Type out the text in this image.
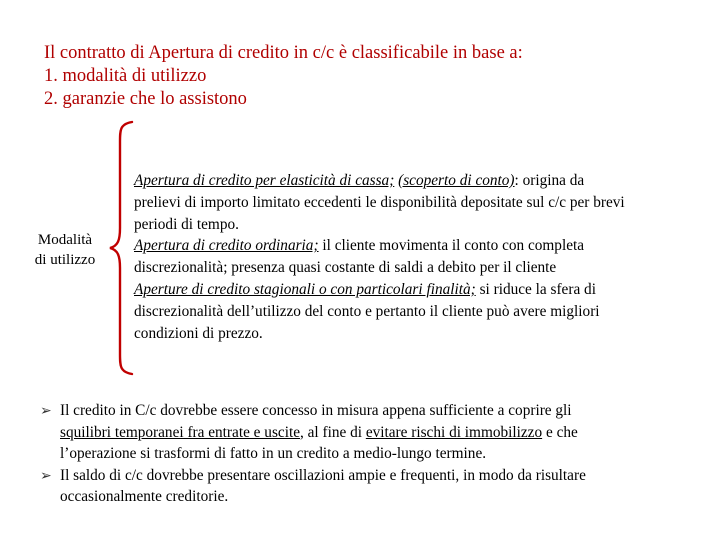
Il contratto di Apertura di credito in c/c è classificabile in base a:
1. modalità di utilizzo
2. garanzie che lo assistono
Modalità
di utilizzo
Apertura di credito per elasticità di cassa; (scoperto di conto): origina da
prelievi di importo limitato eccedenti le disponibilità depositate sul c/c per brevi
periodi di tempo.
Apertura di credito ordinaria; il cliente movimenta il conto con completa
discrezionalità; presenza quasi costante di saldi a debito per il cliente
Aperture di credito stagionali o con particolari finalità; si riduce la sfera di
discrezionalità dell’utilizzo del conto e pertanto il cliente può avere migliori
condizioni di prezzo.
➢ Il credito in C/c dovrebbe essere concesso in misura appena sufficiente a coprire gli
squilibri temporanei fra entrate e uscite, al fine di evitare rischi di immobilizzo e che
l’operazione si trasformi di fatto in un credito a medio-lungo termine.
➢ Il saldo di c/c dovrebbe presentare oscillazioni ampie e frequenti, in modo da risultare
occasionalmente creditorie.
